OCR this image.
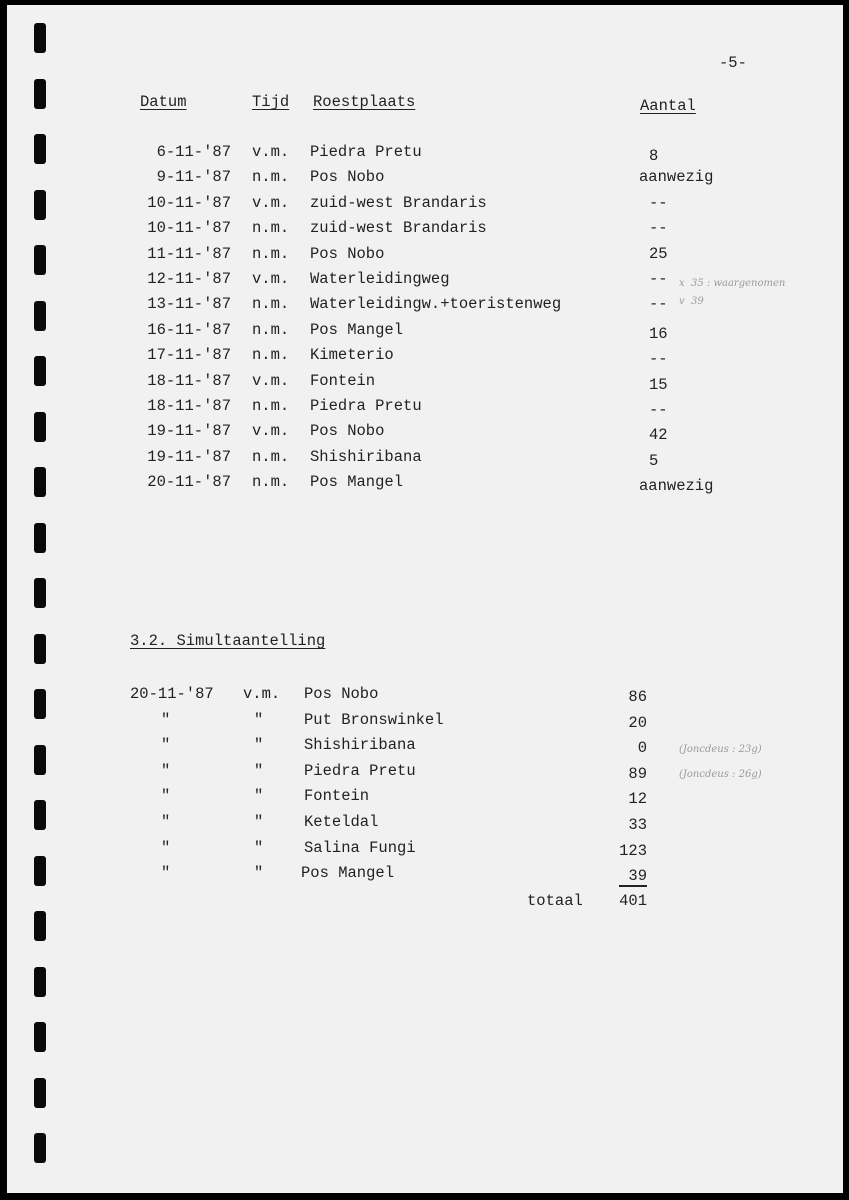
-5-
Datum	Tijd Roestplaats	Aantal
6-11-'87 v.m. Piedra Pretu	8
9-11-'87 n.m. Pos Nobo	aanwezig
10-11-'87 v.m. zuid-west Brandaris	--
10-11-'87 n.m. zuid-west Brandaris	--
11-11-'87 n.m. Pos Nobo	25
12-11-'87 v.m. Waterleidingweg	--
13-11-'87 n.m. Waterleidingw.+toeristenweg	--
16-11-'87 n.m. Pos Mangel	16
17-11-'87 n.m. Kimeterio	--
18-11-'87 v.m. Fontein	15
18-11-'87 n.m. Piedra Pretu	--
19-11-'87 v.m. Pos Nobo	42
19-11-'87 n.m. Shishiribana	5
20-11-'87 n.m. Pos Mangel	aanwezig
x  35 : waargenomen
v  39
3.2. Simultaantelling
20-11-'87 v.m. Pos Nobo	86
"	"	Put Bronswinkel	20
"	"	Shishiribana	0
"	"	Piedra Pretu	89
"	"	Fontein	12
"	"	Keteldal	33
"	"	Salina Fungi	123
"	" Pos Mangel	39
(Joncdeus : 23g)
(Joncdeus : 26g)
totaal 401
